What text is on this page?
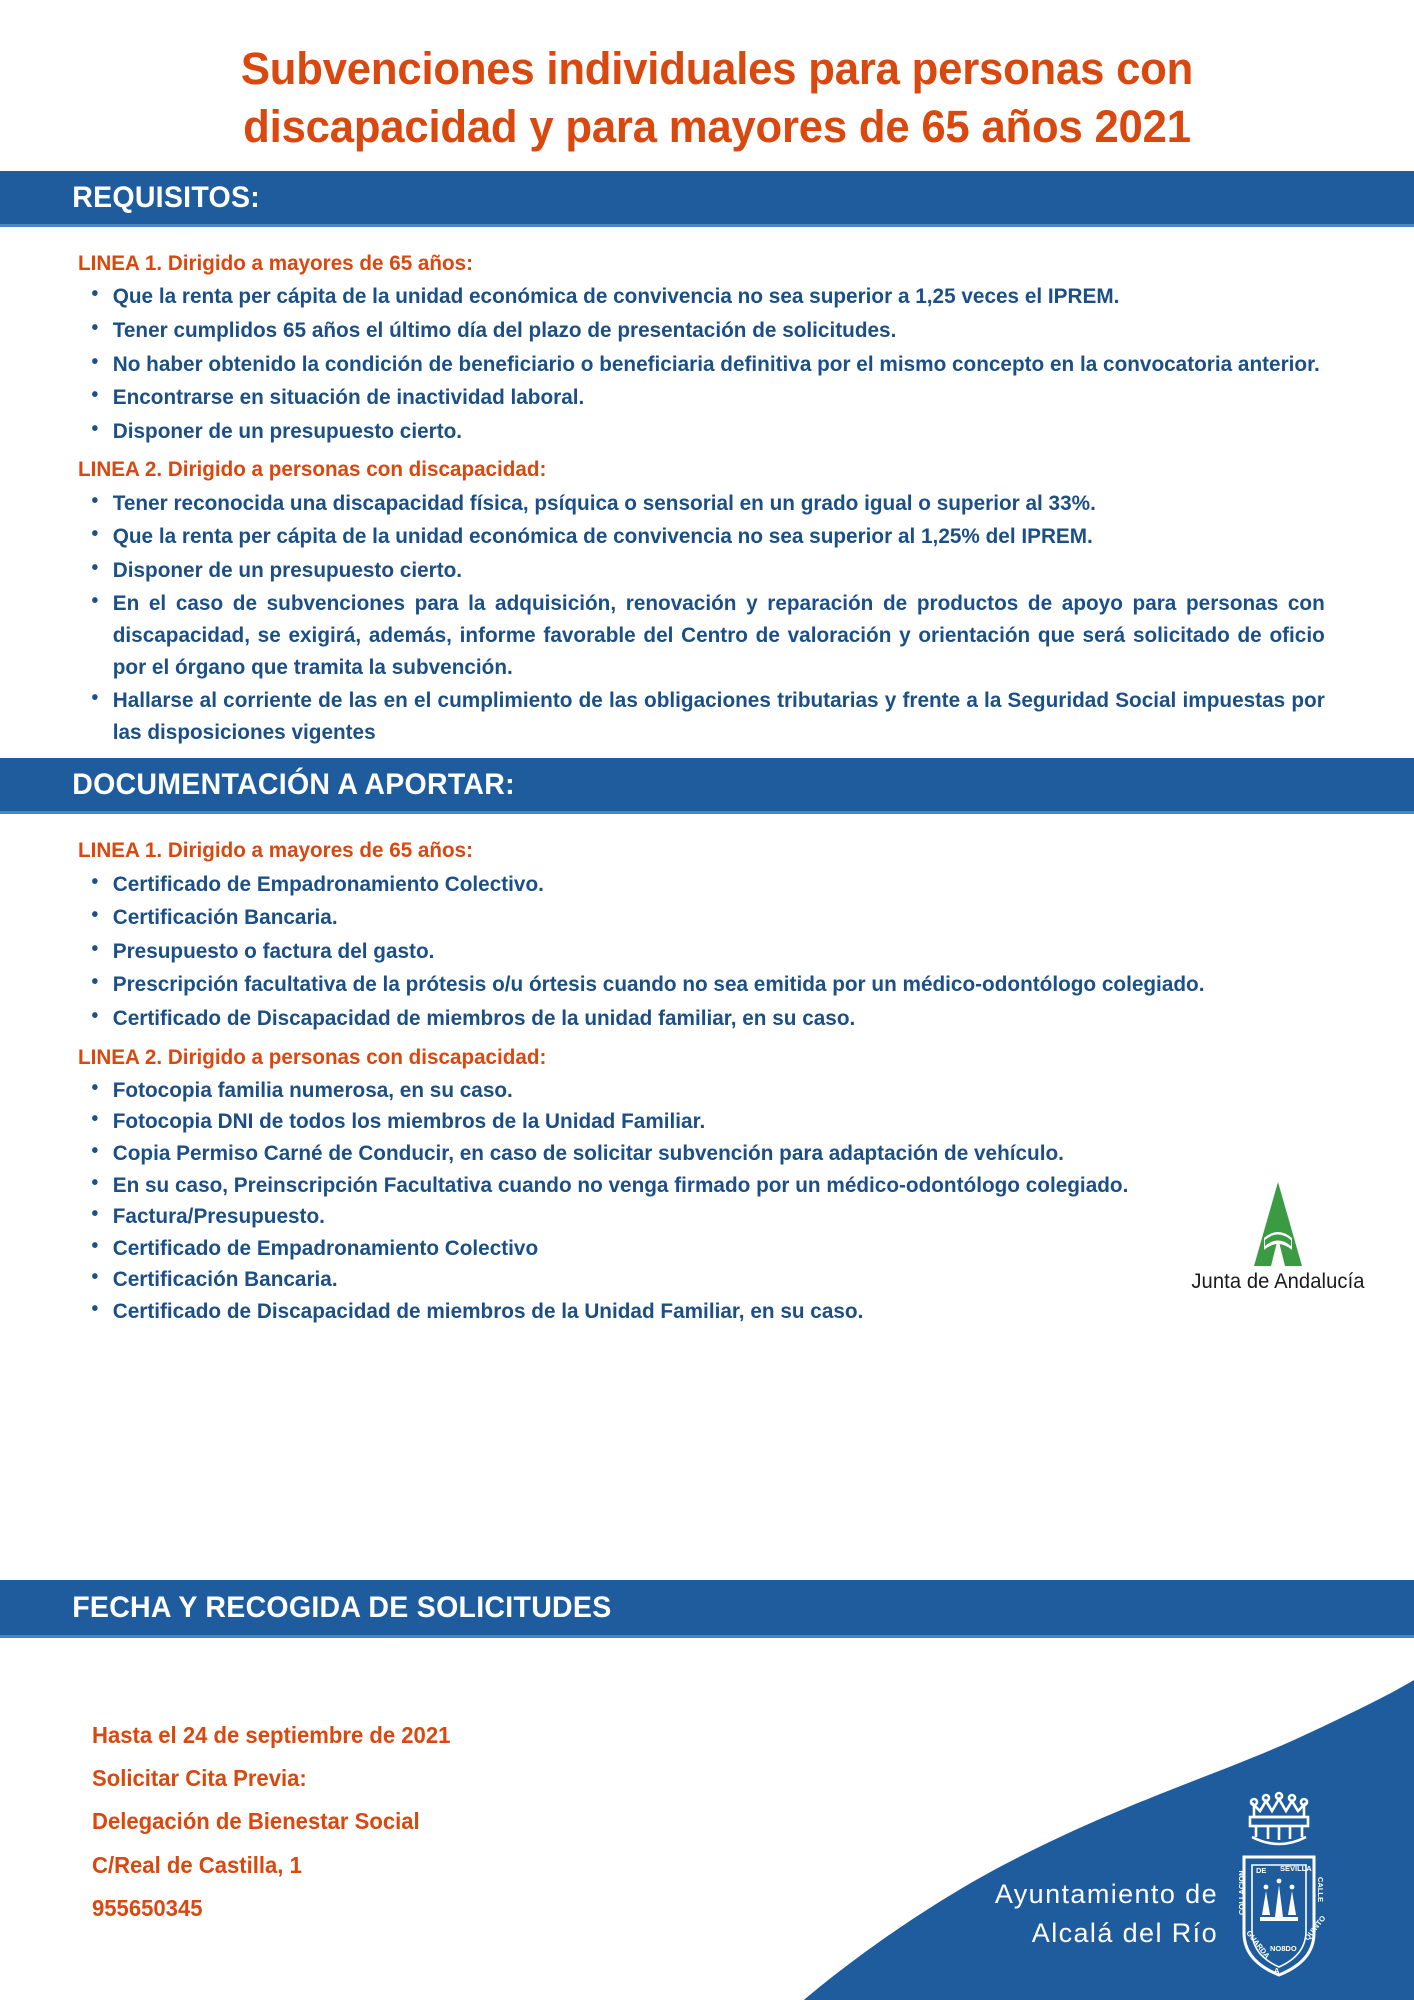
Subvenciones individuales para personas con
discapacidad y para mayores de 65 años 2021
REQUISITOS:
LINEA 1. Dirigido a mayores de 65 años:
• Que la renta per cápita de la unidad económica de convivencia no sea superior a 1,25 veces el IPREM.
• Tener cumplidos 65 años el último día del plazo de presentación de solicitudes.
• No haber obtenido la condición de beneficiario o beneficiaria definitiva por el mismo concepto en la convocatoria anterior.
• Encontrarse en situación de inactividad laboral.
• Disponer de un presupuesto cierto.
LINEA 2. Dirigido a personas con discapacidad:
• Tener reconocida una discapacidad física, psíquica o sensorial en un grado igual o superior al 33%.
• Que la renta per cápita de la unidad económica de convivencia no sea superior al 1,25% del IPREM.
• Disponer de un presupuesto cierto.
• En el caso de subvenciones para la adquisición, renovación y reparación de productos de apoyo para personas con discapacidad, se exigirá, además, informe favorable del Centro de valoración y orientación que será solicitado de oficio por el órgano que tramita la subvención.
• Hallarse al corriente de las en el cumplimiento de las obligaciones tributarias y frente a la Seguridad Social impuestas por las disposiciones vigentes
DOCUMENTACIÓN A APORTAR:
LINEA 1. Dirigido a mayores de 65 años:
• Certificado de Empadronamiento Colectivo.
• Certificación Bancaria.
• Presupuesto o factura del gasto.
• Prescripción facultativa de la prótesis o/u órtesis cuando no sea emitida por un médico-odontólogo colegiado.
• Certificado de Discapacidad de miembros de la unidad familiar, en su caso.
LINEA 2. Dirigido a personas con discapacidad:
• Fotocopia familia numerosa, en su caso.
• Fotocopia DNI de todos los miembros de la Unidad Familiar.
• Copia Permiso Carné de Conducir, en caso de solicitar subvención para adaptación de vehículo.
• En su caso, Preinscripción Facultativa cuando no venga firmado por un médico-odontólogo colegiado.
• Factura/Presupuesto.
• Certificado de Empadronamiento Colectivo
• Certificación Bancaria.
• Certificado de Discapacidad de miembros de la Unidad Familiar, en su caso.
Junta de Andalucía
FECHA Y RECOGIDA DE SOLICITUDES
Hasta el 24 de septiembre de 2021
Solicitar Cita Previa:
Delegación de Bienestar Social
C/Real de Castilla, 1
955650345	Ayuntamiento de
Alcalá del Río
DE SEVILLA
NO8DO
COLLACION	CALLE
GUARDA
QUINTO
A
